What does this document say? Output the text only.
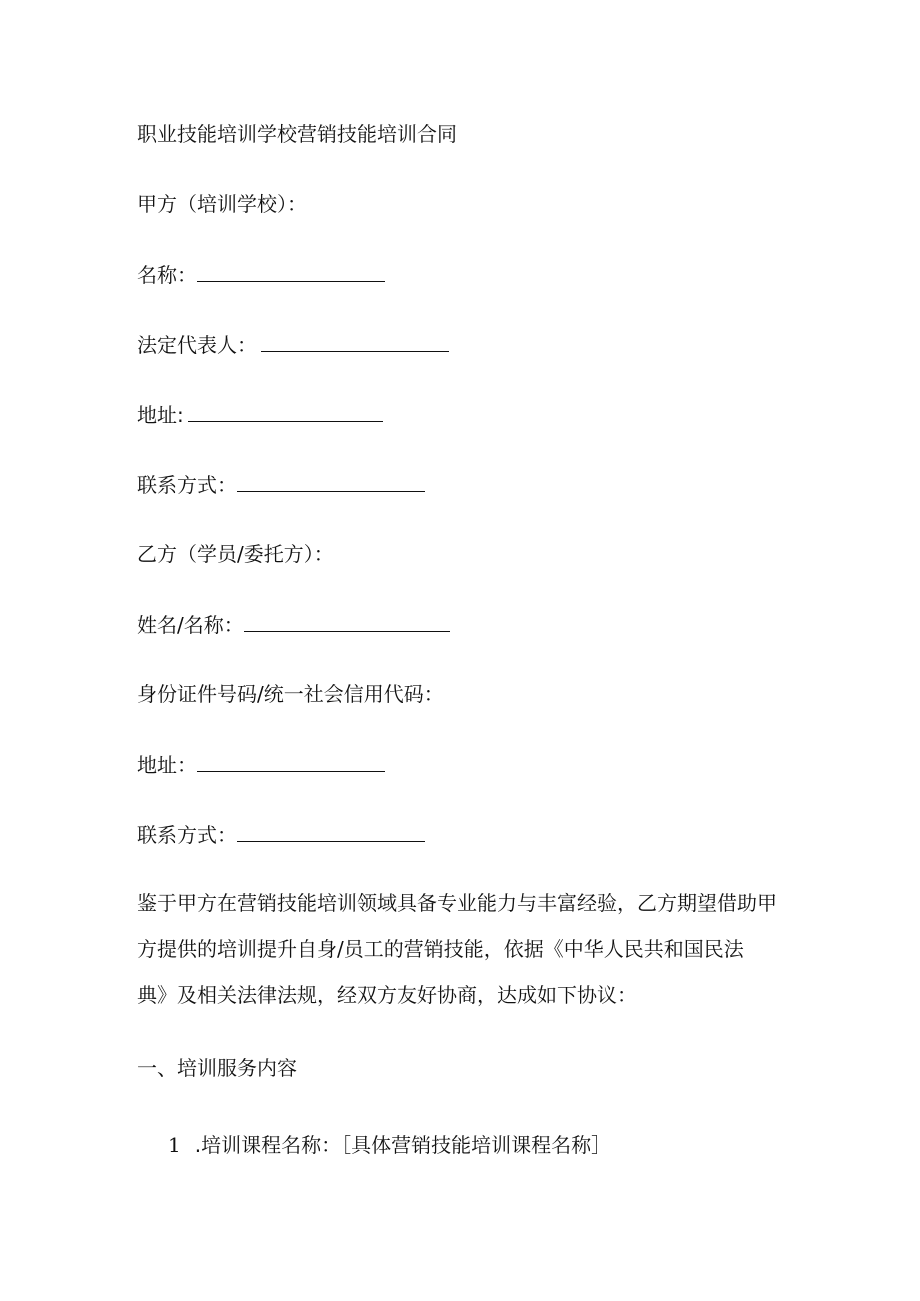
职业技能培训学校营销技能培训合同
甲方（培训学校）：
名称：
法定代表人：
地址:
联系方式：
乙方（学员/委托方）：
姓名/名称：
身份证件号码/统一社会信用代码：
地址：
联系方式：
鉴于甲方在营销技能培训领域具备专业能力与丰富经验，乙方期望借助甲
方提供的培训提升自身/员工的营销技能，依据《中华人民共和国民法
典》及相关法律法规，经双方友好协商，达成如下协议：
一、培训服务内容
1 .培训课程名称：［具体营销技能培训课程名称］
